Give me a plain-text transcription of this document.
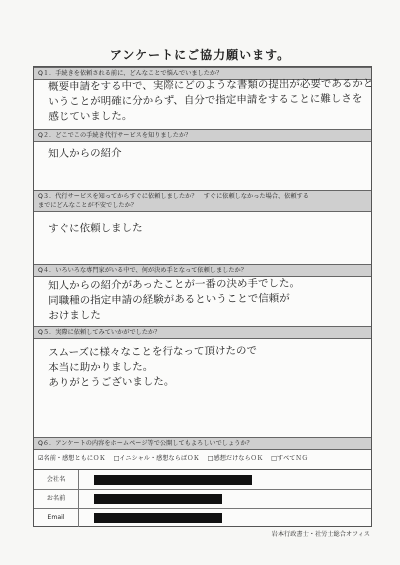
アンケートにご協力願います。
Q１．手続きを依頼される前に、どんなことで悩んでいましたか？
概要申請をする中で、実際にどのような書類の提出が必要であるかと
いうことが明確に分からず、自分で指定申請をすることに難しさを
感じていました。
Q２．どこでこの手続き代行サービスを知りましたか？
知人からの紹介
Q３．代行サービスを知ってからすぐに依頼しましたか？　すぐに依頼しなかった場合、依頼する
までにどんなことが不安でしたか？
すぐに依頼しました
Q４．いろいろな専門家がいる中で、何が決め手となって依頼しましたか？
知人からの紹介があったことが一番の決め手でした。
同職種の指定申請の経験があるということで信頼が
おけました
Q５．実際に依頼してみていかがでしたか？
スムーズに様々なことを行なって頂けたので
本当に助かりました。
ありがとうございました。
Q６．アンケートの内容をホームページ等で公開してもよろしいでしょうか？
☑名前・感想ともにＯＫ　 □イニシャル・感想ならばＯＫ　 □感想だけならＯＫ　 □すべてＮＧ
会社名
お名前
Email
岩本行政書士・社労士総合オフィス
